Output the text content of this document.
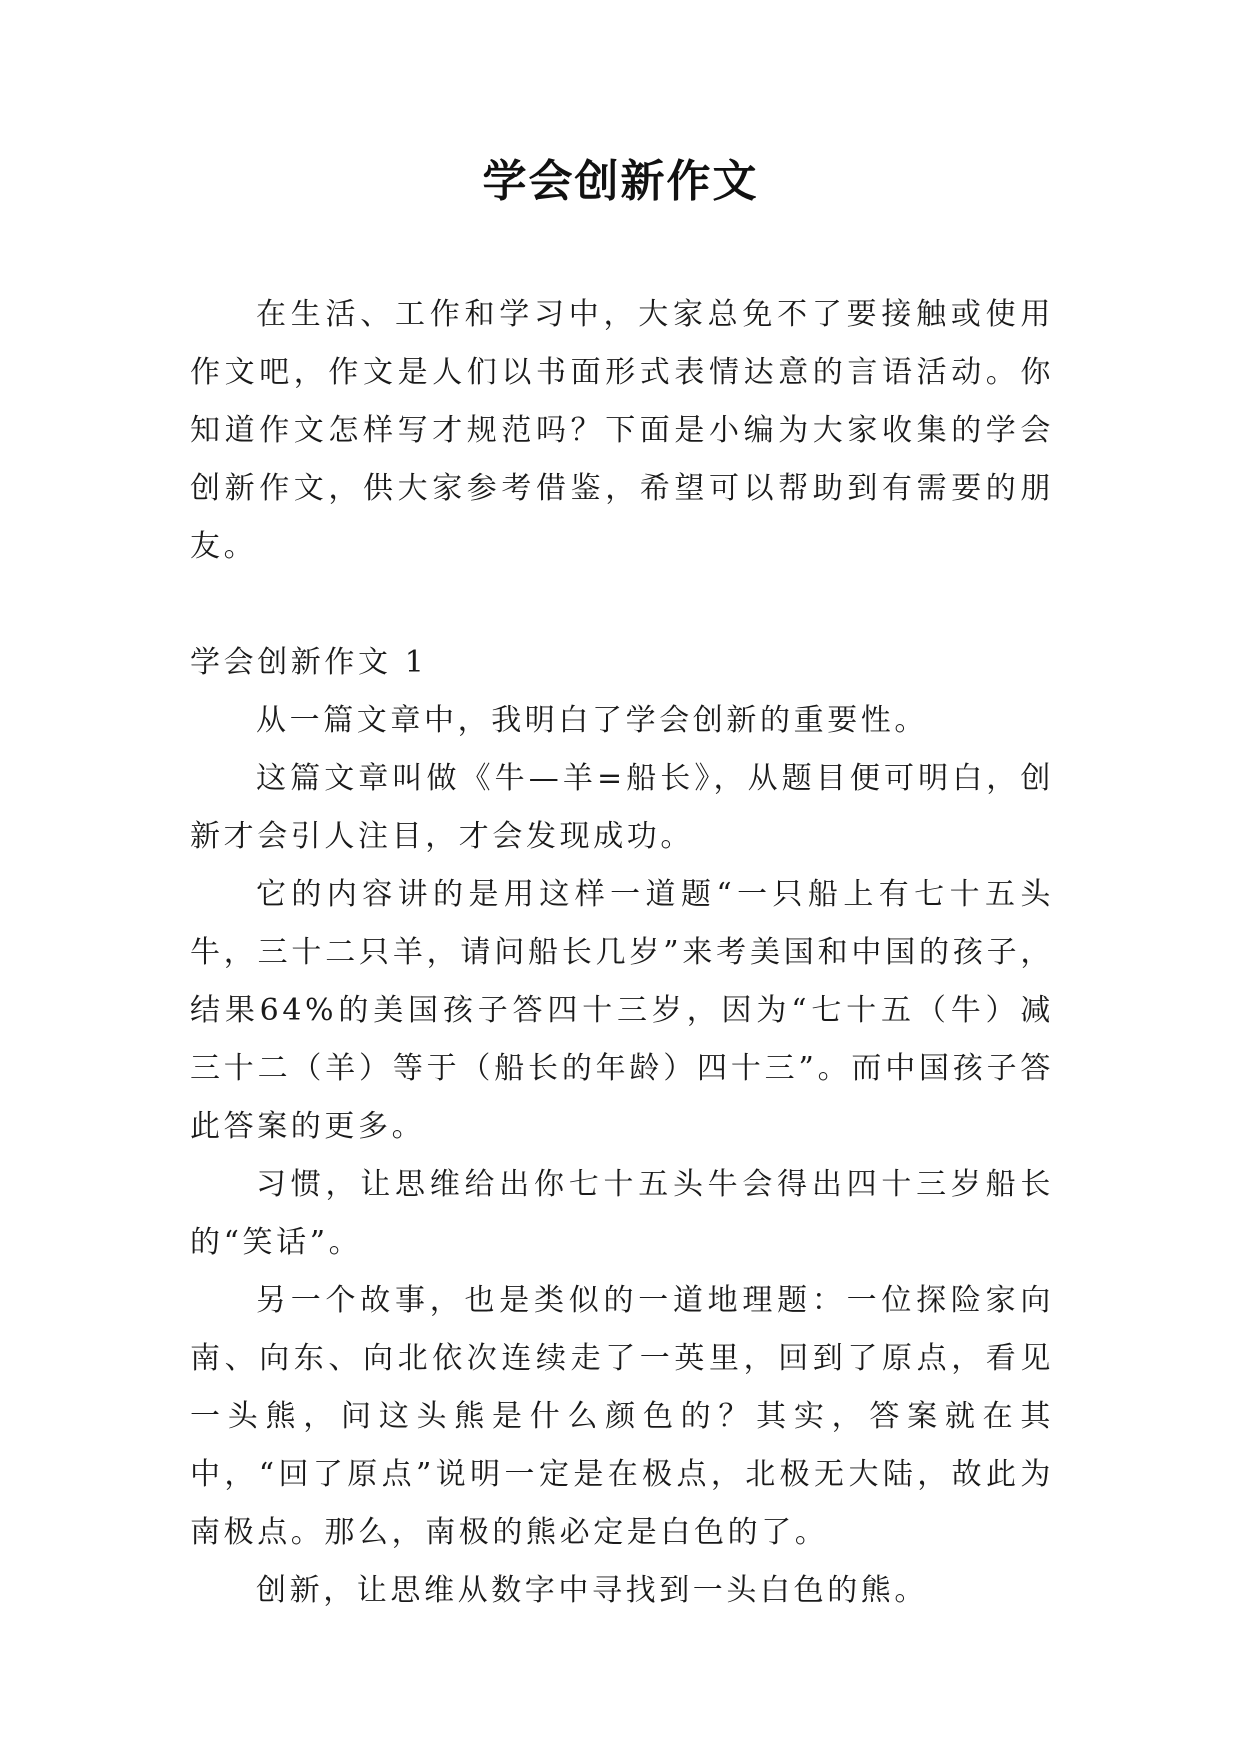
学会创新作文

在生活、工作和学习中，大家总免不了要接触或使用作文吧，作文是人们以书面形式表情达意的言语活动。你知道作文怎样写才规范吗？下面是小编为大家收集的学会创新作文，供大家参考借鉴，希望可以帮助到有需要的朋友。

学会创新作文 1

从一篇文章中，我明白了学会创新的重要性。

这篇文章叫做《牛—羊=船长》，从题目便可明白，创新才会引人注目，才会发现成功。

它的内容讲的是用这样一道题“一只船上有七十五头牛，三十二只羊，请问船长几岁”来考美国和中国的孩子，结果64%的美国孩子答四十三岁，因为“七十五（牛）减三十二（羊）等于（船长的年龄）四十三”。而中国孩子答此答案的更多。

习惯，让思维给出你七十五头牛会得出四十三岁船长的“笑话”。

另一个故事，也是类似的一道地理题：一位探险家向南、向东、向北依次连续走了一英里，回到了原点，看见一头熊，问这头熊是什么颜色的？其实，答案就在其中，“回了原点”说明一定是在极点，北极无大陆，故此为南极点。那么，南极的熊必定是白色的了。

创新，让思维从数字中寻找到一头白色的熊。
